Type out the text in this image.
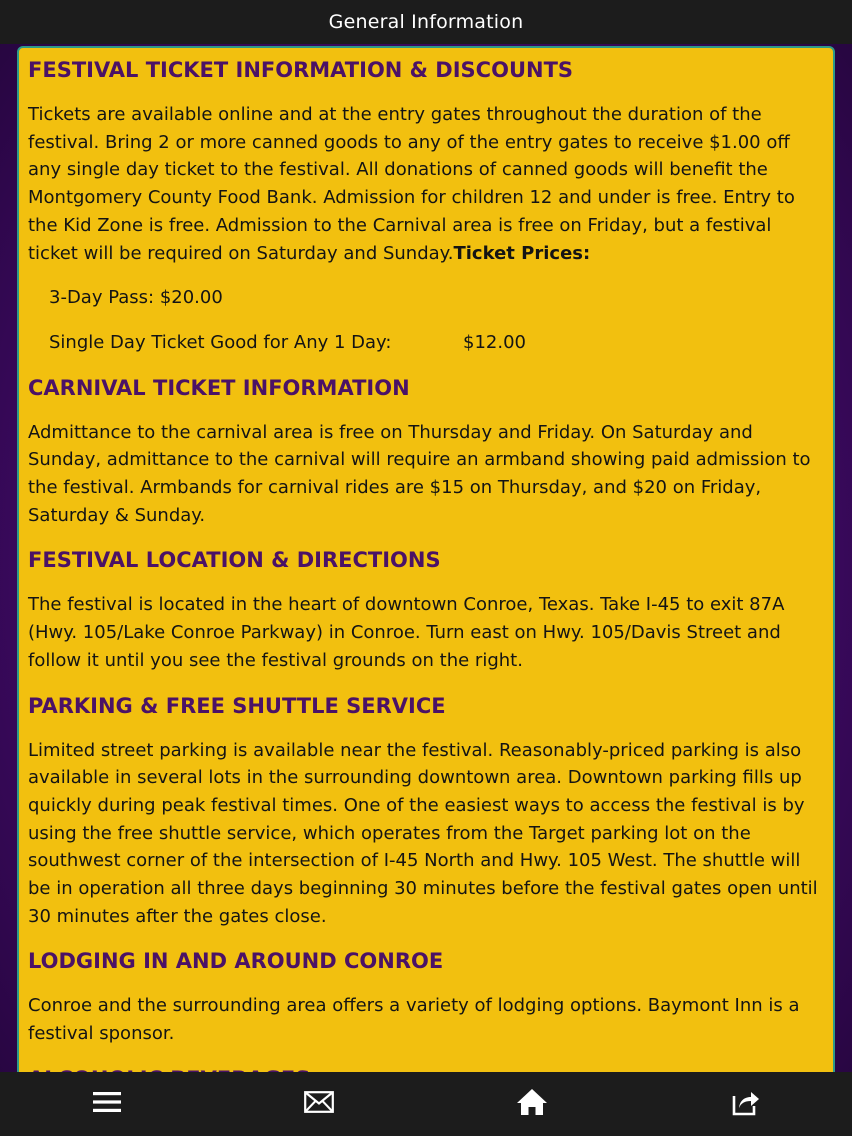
General Information
FESTIVAL TICKET INFORMATION & DISCOUNTS

Tickets are available online and at the entry gates throughout the duration of the festival. Bring 2 or more canned goods to any of the entry gates to receive $1.00 off any single day ticket to the festival. All donations of canned goods will benefit the Montgomery County Food Bank. Admission for children 12 and under is free. Entry to the Kid Zone is free. Admission to the Carnival area is free on Friday, but a festival ticket will be required on Saturday and Sunday.Ticket Prices:

3-Day Pass: $20.00
Single Day Ticket Good for Any 1 Day:	$12.00
CARNIVAL TICKET INFORMATION

Admittance to the carnival area is free on Thursday and Friday. On Saturday and Sunday, admittance to the carnival will require an armband showing paid admission to the festival. Armbands for carnival rides are $15 on Thursday, and $20 on Friday, Saturday & Sunday.

FESTIVAL LOCATION & DIRECTIONS

The festival is located in the heart of downtown Conroe, Texas. Take I-45 to exit 87A (Hwy. 105/Lake Conroe Parkway) in Conroe. Turn east on Hwy. 105/Davis Street and follow it until you see the festival grounds on the right.

PARKING & FREE SHUTTLE SERVICE

Limited street parking is available near the festival. Reasonably-priced parking is also available in several lots in the surrounding downtown area. Downtown parking fills up quickly during peak festival times. One of the easiest ways to access the festival is by using the free shuttle service, which operates from the Target parking lot on the southwest corner of the intersection of I-45 North and Hwy. 105 West. The shuttle will be in operation all three days beginning 30 minutes before the festival gates open until 30 minutes after the gates close.

LODGING IN AND AROUND CONROE

Conroe and the surrounding area offers a variety of lodging options. Baymont Inn is a festival sponsor.
